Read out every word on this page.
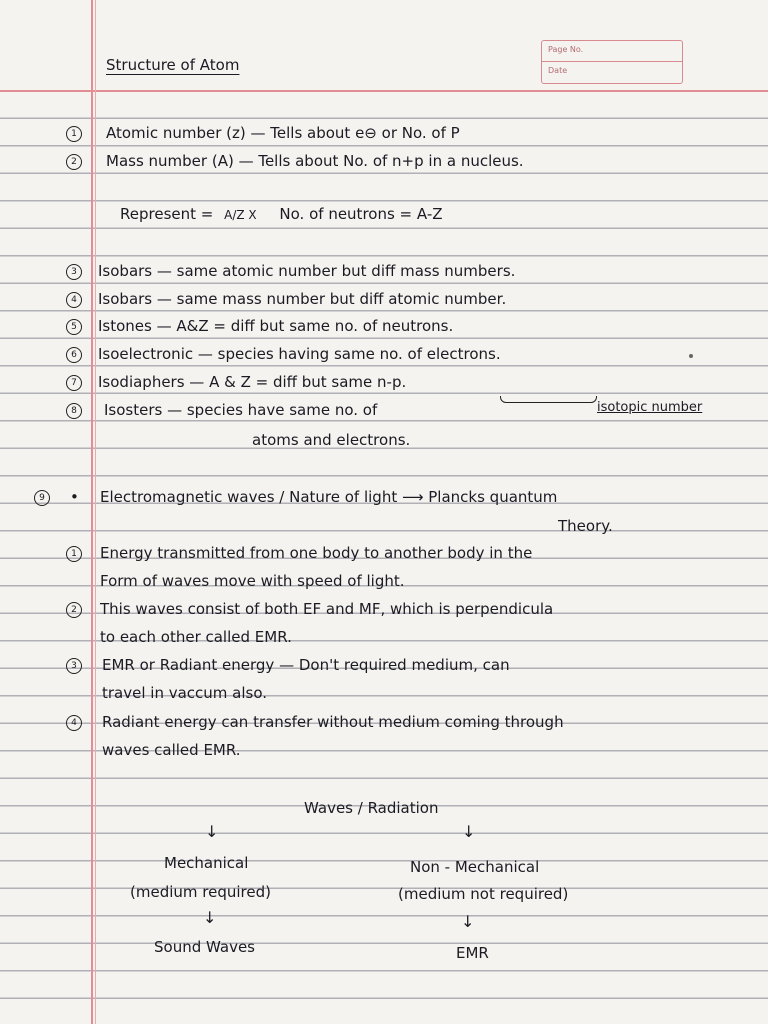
Structure of Atom
Page No.
Date
1	Atomic number (z) — Tells about e⊖ or No. of P
2	Mass number (A) — Tells about No. of n+p in a nucleus.
Represent = A/Z X No. of neutrons = A-Z
3	Isobars — same atomic number but diff mass numbers.
4	Isobars — same mass number but diff atomic number.
5	Istones — A&Z = diff but same no. of neutrons.
6	Isoelectronic — species having same no. of electrons.
7	Isodiaphers — A & Z = diff but same n-p.
8	Isosters — species have same no. of	isotopic number
atoms and electrons.
9	• Electromagnetic waves / Nature of light ⟶ Plancks quantum
Theory.
1	Energy transmitted from one body to another body in the
Form of waves move with speed of light.
2	This waves consist of both EF and MF, which is perpendicula
to each other called EMR.
3	EMR or Radiant energy — Don't required medium, can
travel in vaccum also.
4	Radiant energy can transfer without medium coming through
waves called EMR.
Waves / Radiation
↓	↓
Mechanical	Non - Mechanical
(medium required)	(medium not required)
↓	↓
Sound Waves	EMR
